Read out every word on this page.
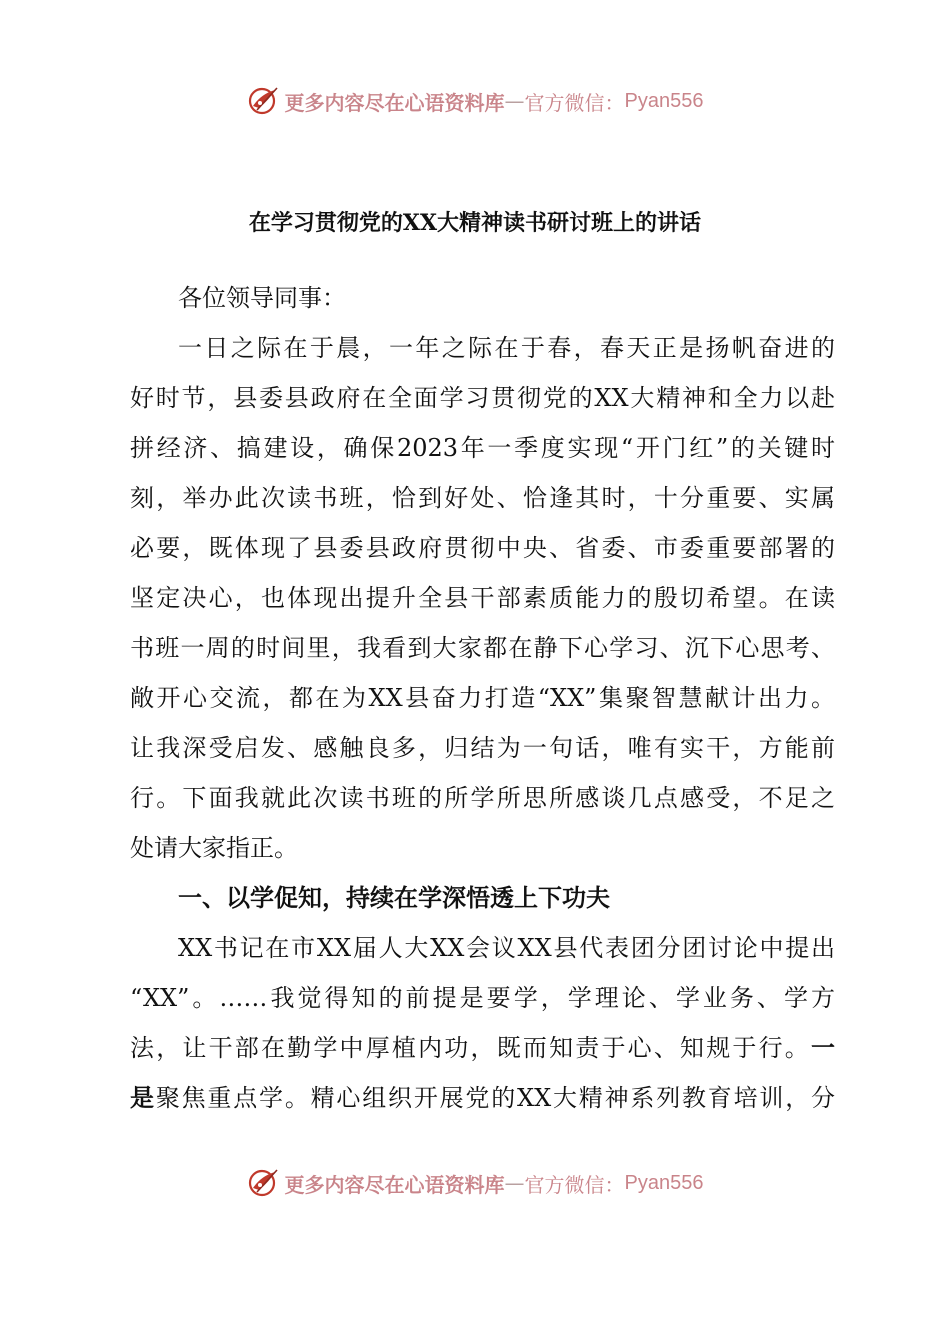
更多内容尽在心语资料库 — 官方微信： Pyan556
在学习贯彻党的XX大精神读书研讨班上的讲话
各位领导同事：
一日之际在于晨，一年之际在于春，春天正是扬帆奋进的
好时节，县委县政府在全面学习贯彻党的XX大精神和全力以赴
拼经济、搞建设，确保2023年一季度实现“开门红”的关键时
刻，举办此次读书班，恰到好处、恰逢其时，十分重要、实属
必要，既体现了县委县政府贯彻中央、省委、市委重要部署的
坚定决心，也体现出提升全县干部素质能力的殷切希望。在读
书班一周的时间里，我看到大家都在静下心学习、沉下心思考、
敞开心交流，都在为XX县奋力打造“XX”集聚智慧献计出力。
让我深受启发、感触良多，归结为一句话，唯有实干，方能前
行。下面我就此次读书班的所学所思所感谈几点感受，不足之
处请大家指正。
一、以学促知，持续在学深悟透上下功夫
XX书记在市XX届人大XX会议XX县代表团分团讨论中提出
“XX”。……我觉得知的前提是要学，学理论、学业务、学方
法，让干部在勤学中厚植内功，既而知责于心、知规于行。一
是聚焦重点学。精心组织开展党的XX大精神系列教育培训，分
更多内容尽在心语资料库 — 官方微信： Pyan556
